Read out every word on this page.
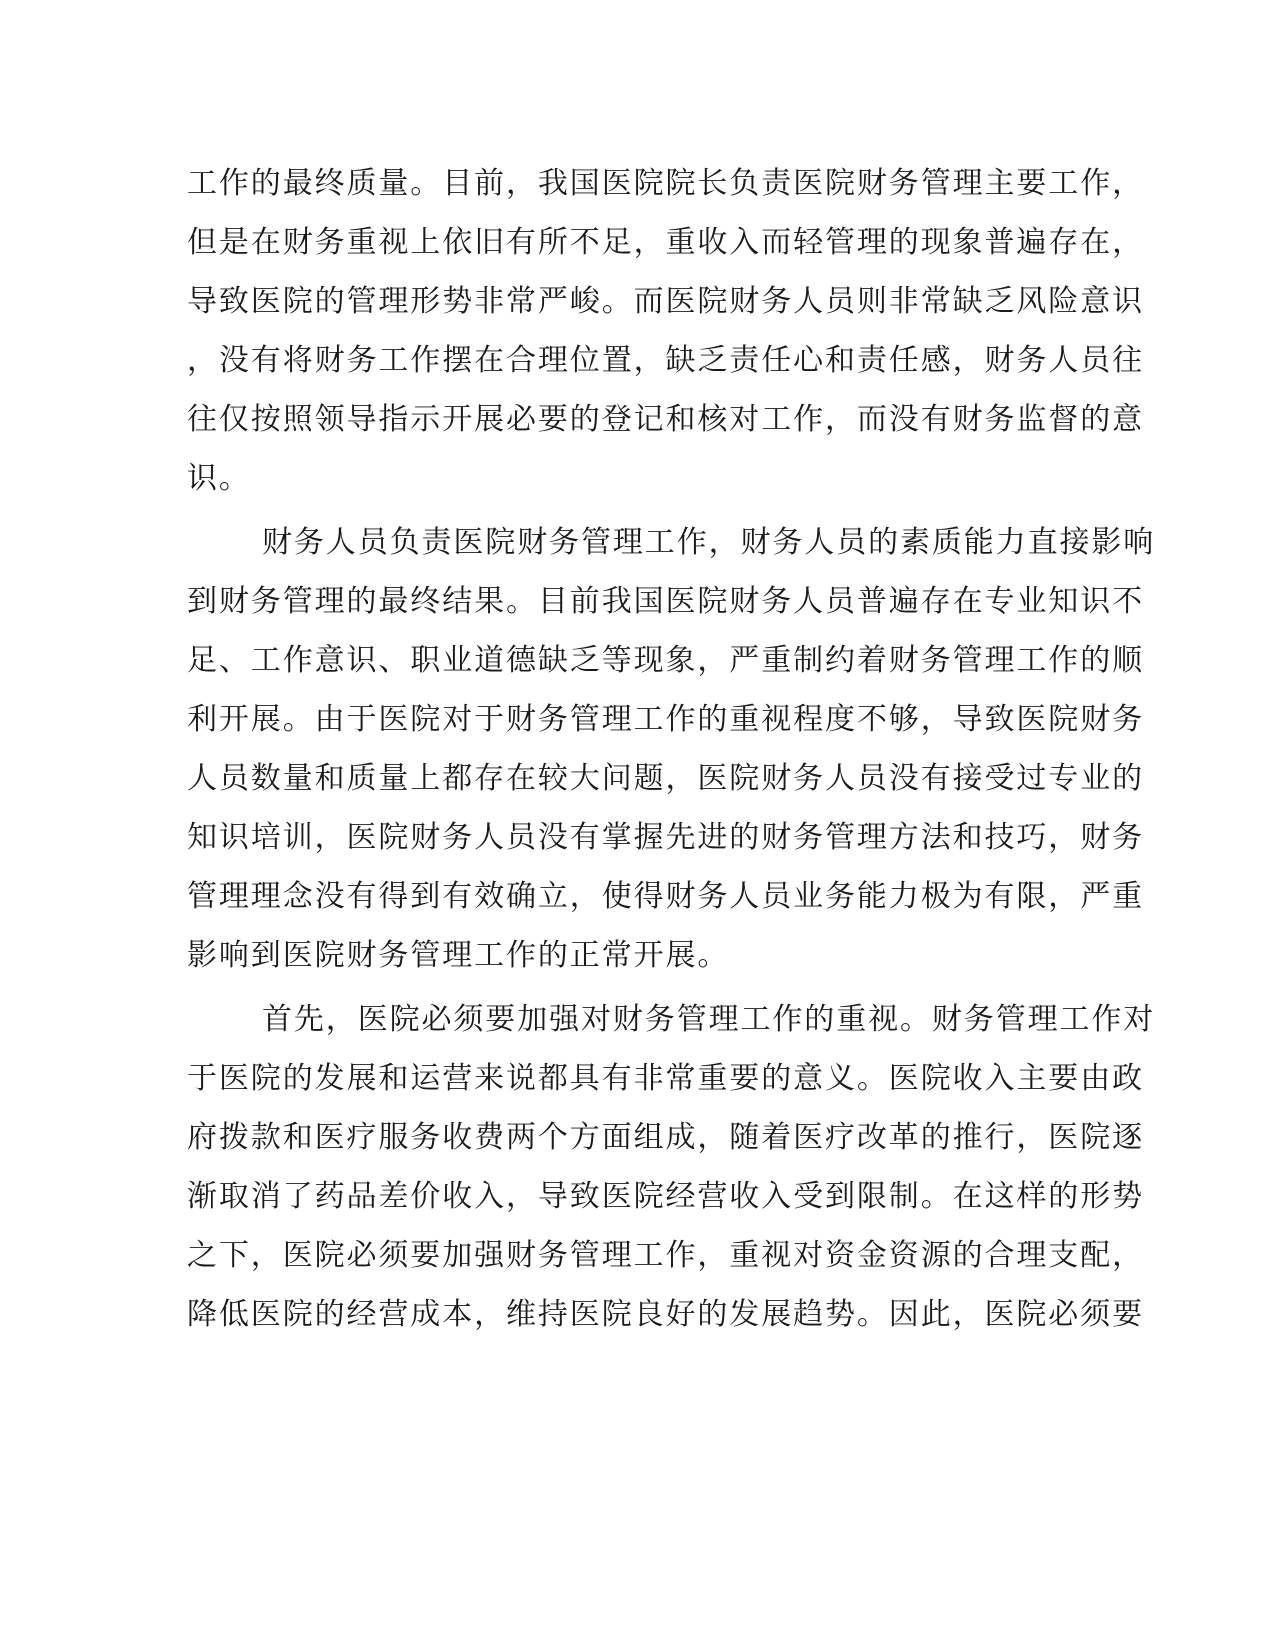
工作的最终质量。目前，我国医院院长负责医院财务管理主要工作，

但是在财务重视上依旧有所不足，重收入而轻管理的现象普遍存在，

导致医院的管理形势非常严峻。而医院财务人员则非常缺乏风险意识

，没有将财务工作摆在合理位置，缺乏责任心和责任感，财务人员往

往仅按照领导指示开展必要的登记和核对工作，而没有财务监督的意

识。

财务人员负责医院财务管理工作，财务人员的素质能力直接影响

到财务管理的最终结果。目前我国医院财务人员普遍存在专业知识不

足、工作意识、职业道德缺乏等现象，严重制约着财务管理工作的顺

利开展。由于医院对于财务管理工作的重视程度不够，导致医院财务

人员数量和质量上都存在较大问题，医院财务人员没有接受过专业的

知识培训，医院财务人员没有掌握先进的财务管理方法和技巧，财务

管理理念没有得到有效确立，使得财务人员业务能力极为有限，严重

影响到医院财务管理工作的正常开展。

首先，医院必须要加强对财务管理工作的重视。财务管理工作对

于医院的发展和运营来说都具有非常重要的意义。医院收入主要由政

府拨款和医疗服务收费两个方面组成，随着医疗改革的推行，医院逐

渐取消了药品差价收入，导致医院经营收入受到限制。在这样的形势

之下，医院必须要加强财务管理工作，重视对资金资源的合理支配，

降低医院的经营成本，维持医院良好的发展趋势。因此，医院必须要
